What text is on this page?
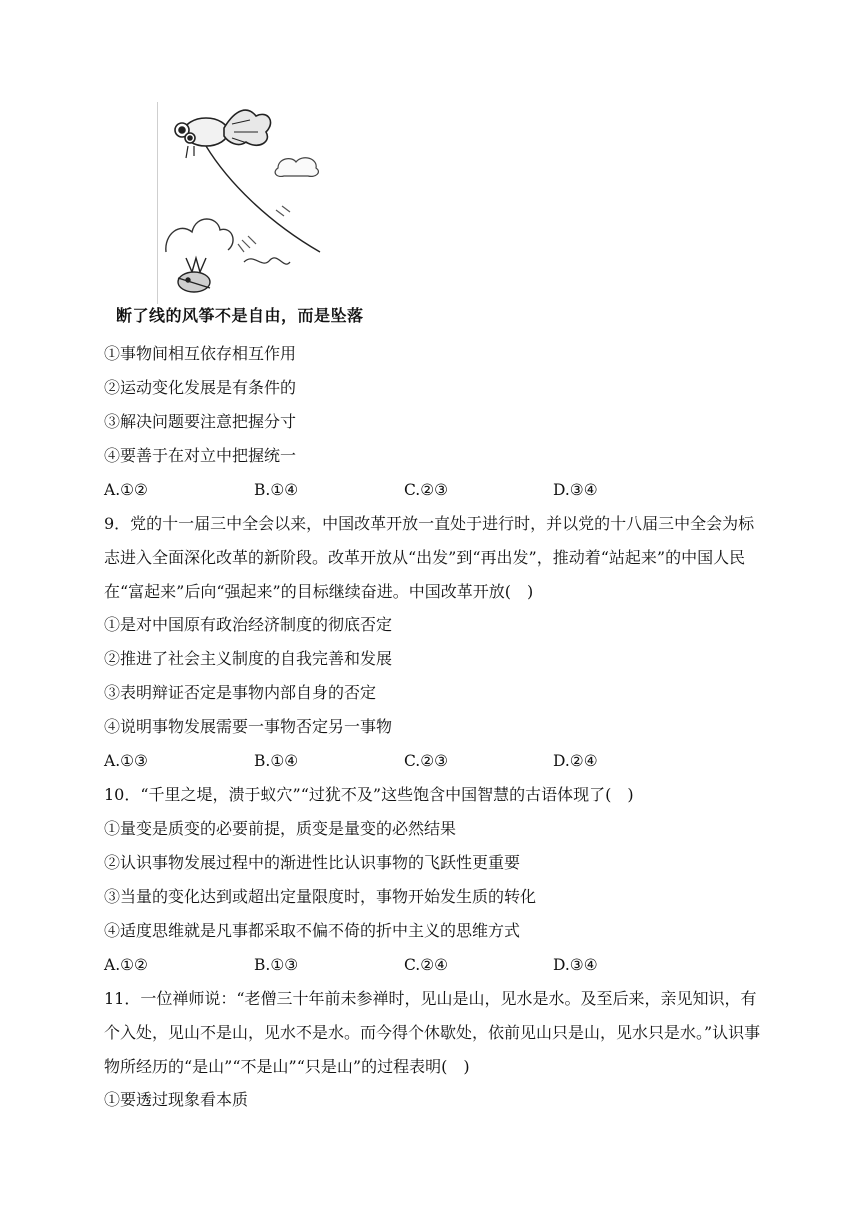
断了线的风筝不是自由，而是坠落
①事物间相互依存相互作用
②运动变化发展是有条件的
③解决问题要注意把握分寸
④要善于在对立中把握统一
A.①②	B.①④	C.②③	D.③④
9．党的十一届三中全会以来，中国改革开放一直处于进行时，并以党的十八届三中全会为标志进入全面深化改革的新阶段。改革开放从“出发”到“再出发”，推动着“站起来”的中国人民在“富起来”后向“强起来”的目标继续奋进。中国改革开放(　)
①是对中国原有政治经济制度的彻底否定
②推进了社会主义制度的自我完善和发展
③表明辩证否定是事物内部自身的否定
④说明事物发展需要一事物否定另一事物
A.①③	B.①④	C.②③	D.②④
10．“千里之堤，溃于蚁穴”“过犹不及”这些饱含中国智慧的古语体现了(　)
①量变是质变的必要前提，质变是量变的必然结果
②认识事物发展过程中的渐进性比认识事物的飞跃性更重要
③当量的变化达到或超出定量限度时，事物开始发生质的转化
④适度思维就是凡事都采取不偏不倚的折中主义的思维方式
A.①②	B.①③	C.②④	D.③④
11．一位禅师说：“老僧三十年前未参禅时，见山是山，见水是水。及至后来，亲见知识，有个入处，见山不是山，见水不是水。而今得个休歇处，依前见山只是山，见水只是水。”认识事物所经历的“是山”“不是山”“只是山”的过程表明(　)
①要透过现象看本质
